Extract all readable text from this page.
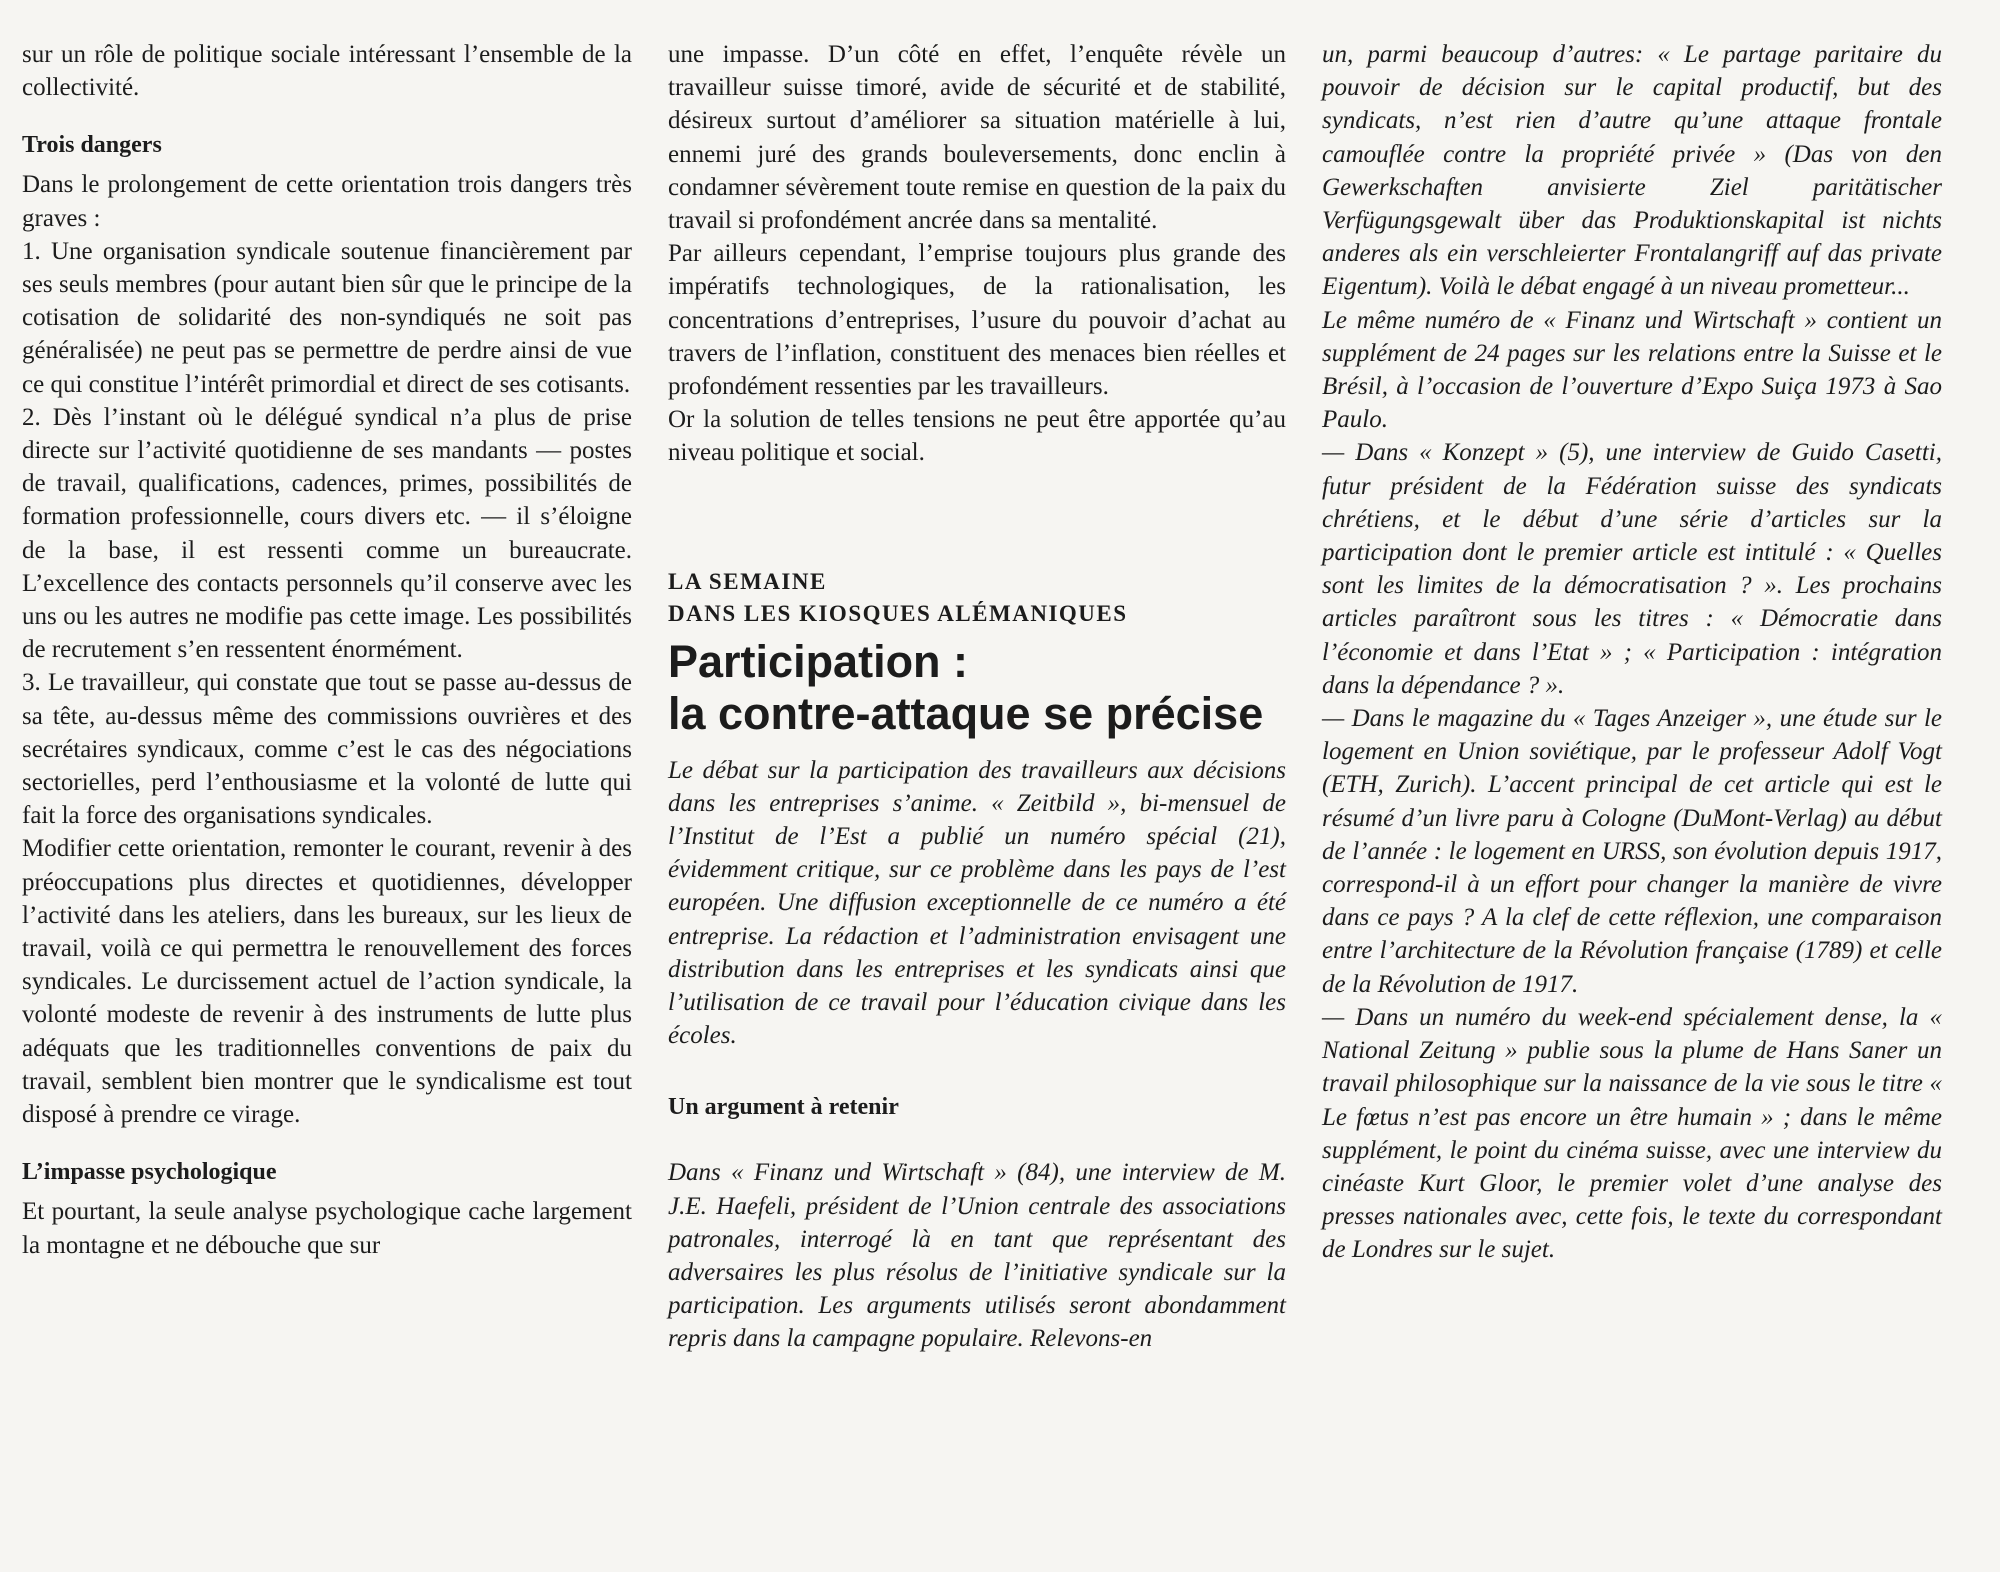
sur un rôle de politique sociale intéressant l’ensemble de la collectivité.

Trois dangers

Dans le prolongement de cette orientation trois dangers très graves :

1. Une organisation syndicale soutenue financièrement par ses seuls membres (pour autant bien sûr que le principe de la cotisation de solidarité des non-syndiqués ne soit pas généralisée) ne peut pas se permettre de perdre ainsi de vue ce qui constitue l’intérêt primordial et direct de ses cotisants.

2. Dès l’instant où le délégué syndical n’a plus de prise directe sur l’activité quotidienne de ses mandants — postes de travail, qualifications, cadences, primes, possibilités de formation professionnelle, cours divers etc. — il s’éloigne de la base, il est ressenti comme un bureaucrate. L’excellence des contacts personnels qu’il conserve avec les uns ou les autres ne modifie pas cette image. Les possibilités de recrutement s’en ressentent énormément.

3. Le travailleur, qui constate que tout se passe au-dessus de sa tête, au-dessus même des commissions ouvrières et des secrétaires syndicaux, comme c’est le cas des négociations sectorielles, perd l’enthousiasme et la volonté de lutte qui fait la force des organisations syndicales.

Modifier cette orientation, remonter le courant, revenir à des préoccupations plus directes et quotidiennes, développer l’activité dans les ateliers, dans les bureaux, sur les lieux de travail, voilà ce qui permettra le renouvellement des forces syndicales. Le durcissement actuel de l’action syndicale, la volonté modeste de revenir à des instruments de lutte plus adéquats que les traditionnelles conventions de paix du travail, semblent bien montrer que le syndicalisme est tout disposé à prendre ce virage.

L’impasse psychologique

Et pourtant, la seule analyse psychologique cache largement la montagne et ne débouche que sur

une impasse. D’un côté en effet, l’enquête révèle un travailleur suisse timoré, avide de sécurité et de stabilité, désireux surtout d’améliorer sa situation matérielle à lui, ennemi juré des grands bouleversements, donc enclin à condamner sévèrement toute remise en question de la paix du travail si profondément ancrée dans sa mentalité.

Par ailleurs cependant, l’emprise toujours plus grande des impératifs technologiques, de la rationalisation, les concentrations d’entreprises, l’usure du pouvoir d’achat au travers de l’inflation, constituent des menaces bien réelles et profondément ressenties par les travailleurs.

Or la solution de telles tensions ne peut être apportée qu’au niveau politique et social.

LA SEMAINE
DANS LES KIOSQUES ALÉMANIQUES
Participation :
la contre-attaque se précise

Le débat sur la participation des travailleurs aux décisions dans les entreprises s’anime. « Zeitbild », bi-mensuel de l’Institut de l’Est a publié un numéro spécial (21), évidemment critique, sur ce problème dans les pays de l’est européen. Une diffusion exceptionnelle de ce numéro a été entreprise. La rédaction et l’administration envisagent une distribution dans les entreprises et les syndicats ainsi que l’utilisation de ce travail pour l’éducation civique dans les écoles.

Un argument à retenir

Dans « Finanz und Wirtschaft » (84), une interview de M. J.E. Haefeli, président de l’Union centrale des associations patronales, interrogé là en tant que représentant des adversaires les plus résolus de l’initiative syndicale sur la participation. Les arguments utilisés seront abondamment repris dans la campagne populaire. Relevons-en

un, parmi beaucoup d’autres: « Le partage paritaire du pouvoir de décision sur le capital productif, but des syndicats, n’est rien d’autre qu’une attaque frontale camouflée contre la propriété privée » (Das von den Gewerkschaften anvisierte Ziel paritätischer Verfügungsgewalt über das Produktionskapital ist nichts anderes als ein verschleierter Frontalangriff auf das private Eigentum). Voilà le débat engagé à un niveau prometteur...

Le même numéro de « Finanz und Wirtschaft » contient un supplément de 24 pages sur les relations entre la Suisse et le Brésil, à l’occasion de l’ouverture d’Expo Suiça 1973 à Sao Paulo.

— Dans « Konzept » (5), une interview de Guido Casetti, futur président de la Fédération suisse des syndicats chrétiens, et le début d’une série d’articles sur la participation dont le premier article est intitulé : « Quelles sont les limites de la démocratisation ? ». Les prochains articles paraîtront sous les titres : « Démocratie dans l’économie et dans l’Etat » ; « Participation : intégration dans la dépendance ? ».

— Dans le magazine du « Tages Anzeiger », une étude sur le logement en Union soviétique, par le professeur Adolf Vogt (ETH, Zurich). L’accent principal de cet article qui est le résumé d’un livre paru à Cologne (DuMont-Verlag) au début de l’année : le logement en URSS, son évolution depuis 1917, correspond-il à un effort pour changer la manière de vivre dans ce pays ? A la clef de cette réflexion, une comparaison entre l’architecture de la Révolution française (1789) et celle de la Révolution de 1917.

— Dans un numéro du week-end spécialement dense, la « National Zeitung » publie sous la plume de Hans Saner un travail philosophique sur la naissance de la vie sous le titre « Le fœtus n’est pas encore un être humain » ; dans le même supplément, le point du cinéma suisse, avec une interview du cinéaste Kurt Gloor, le premier volet d’une analyse des presses nationales avec, cette fois, le texte du correspondant de Londres sur le sujet.
